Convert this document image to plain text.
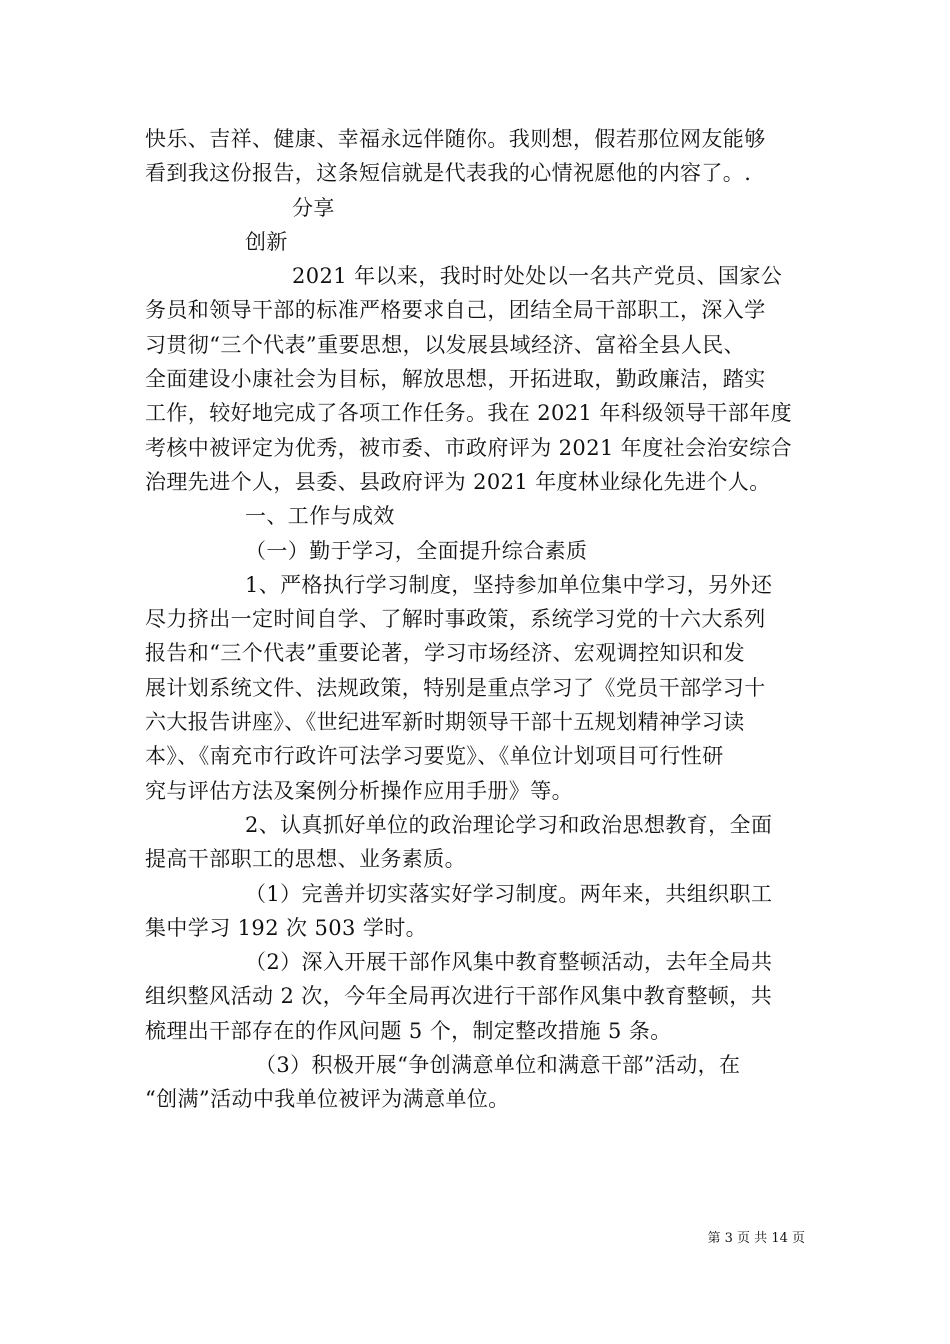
快乐、吉祥、健康、幸福永远伴随你。我则想，假若那位网友能够
看到我这份报告，这条短信就是代表我的心情祝愿他的内容了。.
分享
创新
2021 年以来，我时时处处以一名共产党员、国家公
务员和领导干部的标准严格要求自己，团结全局干部职工，深入学
习贯彻“三个代表”重要思想，以发展县域经济、富裕全县人民、
全面建设小康社会为目标，解放思想，开拓进取，勤政廉洁，踏实
工作，较好地完成了各项工作任务。我在 2021 年科级领导干部年度
考核中被评定为优秀，被市委、市政府评为 2021 年度社会治安综合
治理先进个人，县委、县政府评为 2021 年度林业绿化先进个人。
一、工作与成效
（一）勤于学习，全面提升综合素质
1、严格执行学习制度，坚持参加单位集中学习，另外还
尽力挤出一定时间自学、了解时事政策，系统学习党的十六大系列
报告和“三个代表”重要论著，学习市场经济、宏观调控知识和发
展计划系统文件、法规政策，特别是重点学习了《党员干部学习十
六大报告讲座》、《世纪进军新时期领导干部十五规划精神学习读
本》、《南充市行政许可法学习要览》、《单位计划项目可行性研
究与评估方法及案例分析操作应用手册》等。
2、认真抓好单位的政治理论学习和政治思想教育，全面
提高干部职工的思想、业务素质。
（1）完善并切实落实好学习制度。两年来，共组织职工
集中学习 192 次 503 学时。
（2）深入开展干部作风集中教育整顿活动，去年全局共
组织整风活动 2 次，今年全局再次进行干部作风集中教育整顿，共
梳理出干部存在的作风问题 5 个，制定整改措施 5 条。
（3）积极开展“争创满意单位和满意干部”活动，在
“创满”活动中我单位被评为满意单位。
第 3 页 共 14 页
